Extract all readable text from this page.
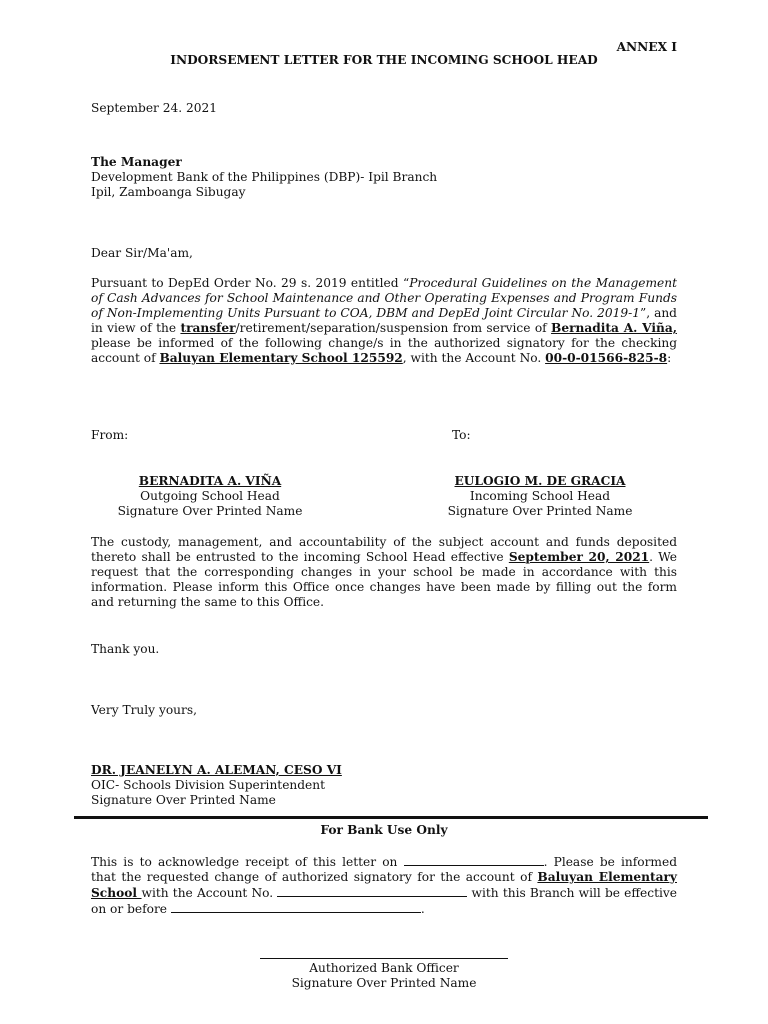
ANNEX I
INDORSEMENT LETTER FOR THE INCOMING SCHOOL HEAD
September 24. 2021
The Manager
Development Bank of the Philippines (DBP)- Ipil Branch
Ipil, Zamboanga Sibugay
Dear Sir/Ma'am,

Pursuant to DepEd Order No. 29 s. 2019 entitled “Procedural Guidelines on the Management of Cash Advances for School Maintenance and Other Operating Expenses and Program Funds of Non-Implementing Units Pursuant to COA, DBM and DepEd Joint Circular No. 2019-1”, and in view of the transfer/retirement/separation/suspension from service of Bernadita A. Viña, please be informed of the following change/s in the authorized signatory for the checking account of Baluyan Elementary School 125592, with the Account No. 00-0-01566-825-8:

From:	To:
BERNADITA A. VIÑA
Outgoing School Head
Signature Over Printed Name
EULOGIO M. DE GRACIA
Incoming School Head
Signature Over Printed Name

The custody, management, and accountability of the subject account and funds deposited thereto shall be entrusted to the incoming School Head effective September 20, 2021. We request that the corresponding changes in your school be made in accordance with this information. Please inform this Office once changes have been made by filling out the form and returning the same to this Office.

Thank you.
Very Truly yours,
DR. JEANELYN A. ALEMAN, CESO VI
OIC- Schools Division Superintendent
Signature Over Printed Name
For Bank Use Only

This is to acknowledge receipt of this letter on	. Please be informed that the requested change of authorized signatory for the account of Baluyan Elementary School with the Account No.	with this Branch will be effective on or before	.

Authorized Bank Officer
Signature Over Printed Name
